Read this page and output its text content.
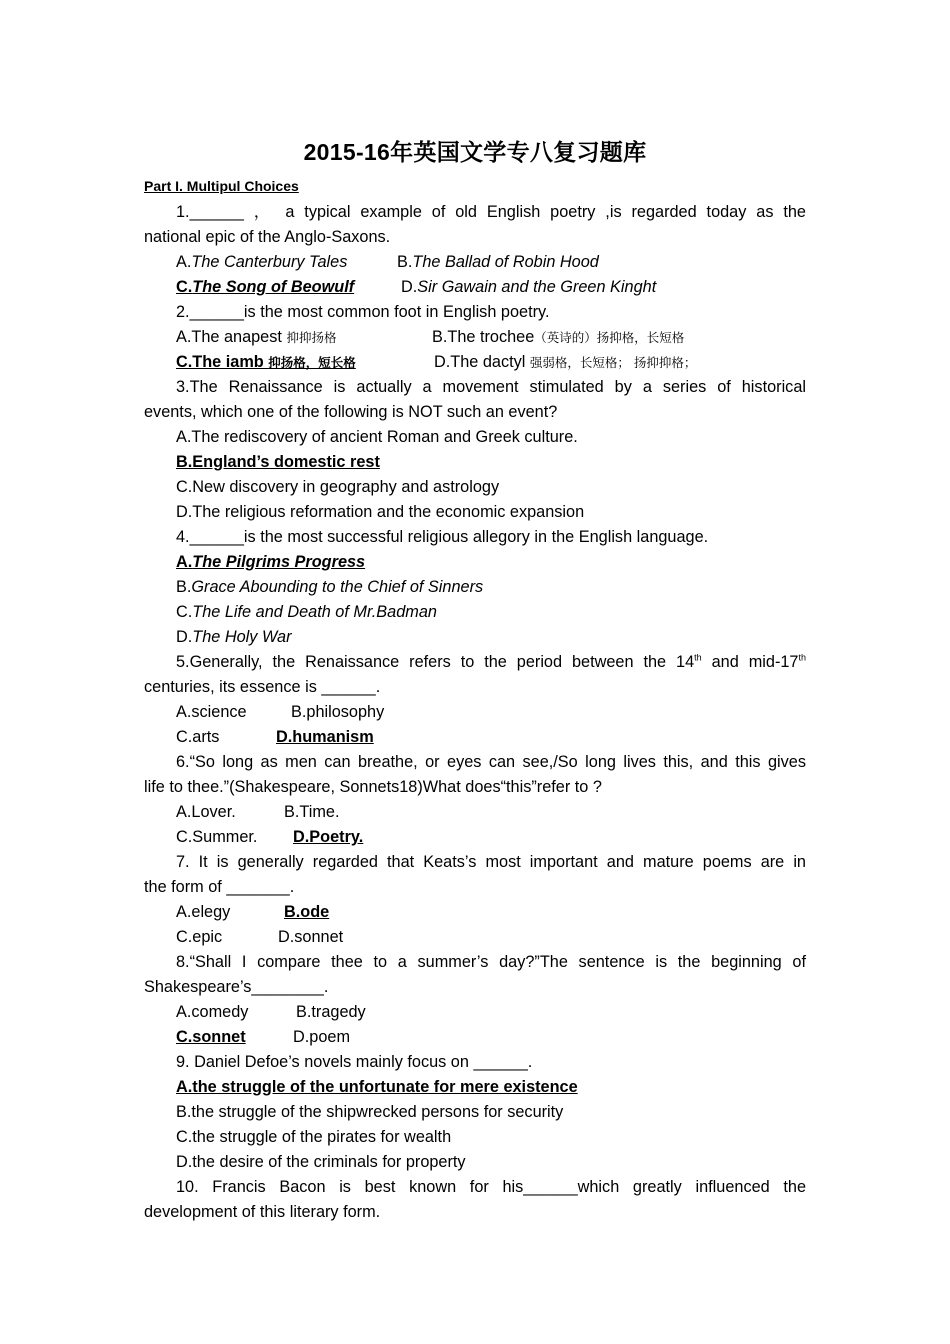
2015-16年英国文学专八复习题库
Part I. Multipul Choices
1.______ ， a typical example of old English poetry ,is regarded today as the
national epic of the Anglo-Saxons.
A.The Canterbury Tales	B.The Ballad of Robin Hood
C.The Song of Beowulf	D.Sir Gawain and the Green Kinght
2.______is the most common foot in English poetry.
A.The anapest 抑抑扬格	B.The trochee（英诗的）扬抑格，长短格
C.The iamb 抑扬格，短长格	D.The dactyl 强弱格，长短格； 扬抑抑格；
3.The Renaissance is actually a movement stimulated by a series of historical
events, which one of the following is NOT such an event?
A.The rediscovery of ancient Roman and Greek culture.
B.England’s domestic rest
C.New discovery in geography and astrology
D.The religious reformation and the economic expansion
4.______is the most successful religious allegory in the English language.
A.The Pilgrims Progress
B.Grace Abounding to the Chief of Sinners
C.The Life and Death of Mr.Badman
D.The Holy War
5.Generally, the Renaissance refers to the period between the 14th and mid-17th
centuries, its essence is ______.
A.science	B.philosophy
C.arts	D.humanism
6.“So long as men can breathe, or eyes can see,/So long lives this, and this gives
life to thee.”(Shakespeare, Sonnets18)What does“this”refer to ?
A.Lover.	B.Time.
C.Summer. D.Poetry.
7. It is generally regarded that Keats’s most important and mature poems are in
the form of _______.
A.elegy	B.ode
C.epic	D.sonnet
8.“Shall I compare thee to a summer’s day?”The sentence is the beginning of
Shakespeare’s________.
A.comedy	B.tragedy
C.sonnet	D.poem
9. Daniel Defoe’s novels mainly focus on ______.
A.the struggle of the unfortunate for mere existence
B.the struggle of the shipwrecked persons for security
C.the struggle of the pirates for wealth
D.the desire of the criminals for property
10. Francis Bacon is best known for his______which greatly influenced the
development of this literary form.
